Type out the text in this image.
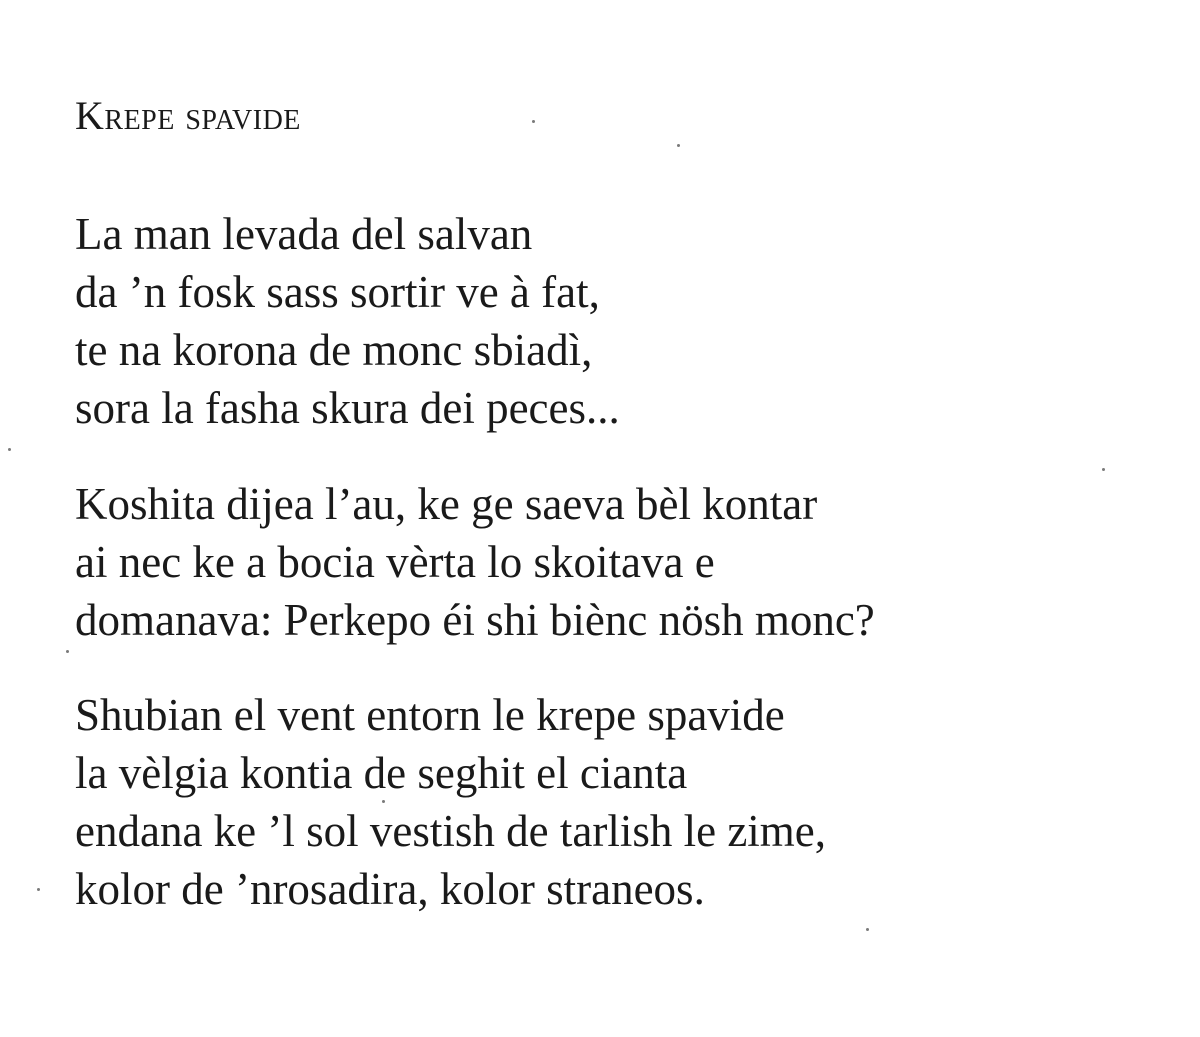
Krepe spavide
La man levada del salvan
da ’n fosk sass sortir ve à fat,
te na korona de monc sbiadì,
sora la fasha skura dei peces...
Koshita dijea l’au, ke ge saeva bèl kontar
ai nec ke a bocia vèrta lo skoitava e
domanava: Perkepo éi shi biènc nösh monc?
Shubian el vent entorn le krepe spavide
la vèlgia kontia de seghit el cianta
endana ke ’l sol vestish de tarlish le zime,
kolor de ’nrosadira, kolor straneos.
